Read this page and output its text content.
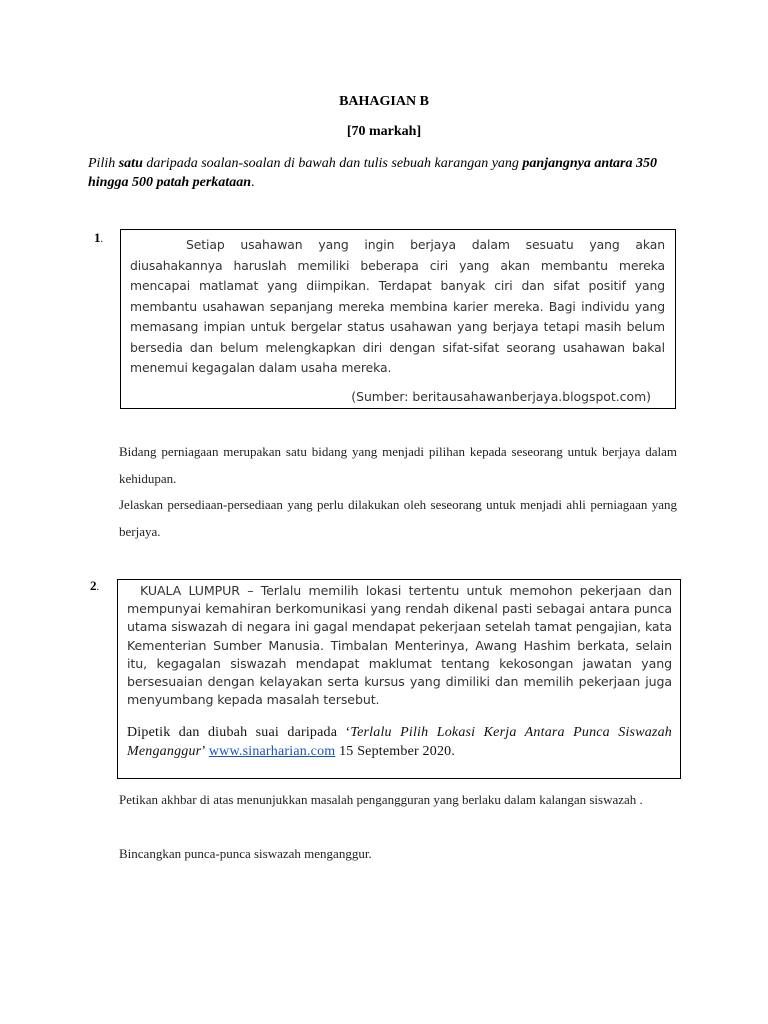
BAHAGIAN B
[70 markah]
Pilih satu daripada soalan-soalan di bawah dan tulis sebuah karangan yang panjangnya antara 350 hingga 500 patah perkataan.
1.	Setiap usahawan yang ingin berjaya dalam sesuatu yang akan diusahakannya haruslah memiliki beberapa ciri yang akan membantu mereka mencapai matlamat yang diimpikan. Terdapat banyak ciri dan sifat positif yang membantu usahawan sepanjang mereka membina karier mereka. Bagi individu yang memasang impian untuk bergelar status usahawan yang berjaya tetapi masih belum bersedia dan belum melengkapkan diri dengan sifat-sifat seorang usahawan bakal menemui kegagalan dalam usaha mereka.
(Sumber: beritausahawanberjaya.blogspot.com)
Bidang perniagaan merupakan satu bidang yang menjadi pilihan kepada seseorang untuk berjaya dalam kehidupan.
Jelaskan persediaan-persediaan yang perlu dilakukan oleh seseorang untuk menjadi ahli perniagaan yang berjaya.
2.	KUALA LUMPUR – Terlalu memilih lokasi tertentu untuk memohon pekerjaan dan mempunyai kemahiran berkomunikasi yang rendah dikenal pasti sebagai antara punca utama siswazah di negara ini gagal mendapat pekerjaan setelah tamat pengajian, kata Kementerian Sumber Manusia. Timbalan Menterinya, Awang Hashim berkata, selain itu, kegagalan siswazah mendapat maklumat tentang kekosongan jawatan yang bersesuaian dengan kelayakan serta kursus yang dimiliki dan memilih pekerjaan juga menyumbang kepada masalah tersebut.
Dipetik dan diubah suai daripada ‘Terlalu Pilih Lokasi Kerja Antara Punca Siswazah Menganggur’ www.sinarharian.com 15 September 2020.
Petikan akhbar di atas menunjukkan masalah pengangguran yang berlaku dalam kalangan siswazah .
Bincangkan punca-punca siswazah menganggur.
